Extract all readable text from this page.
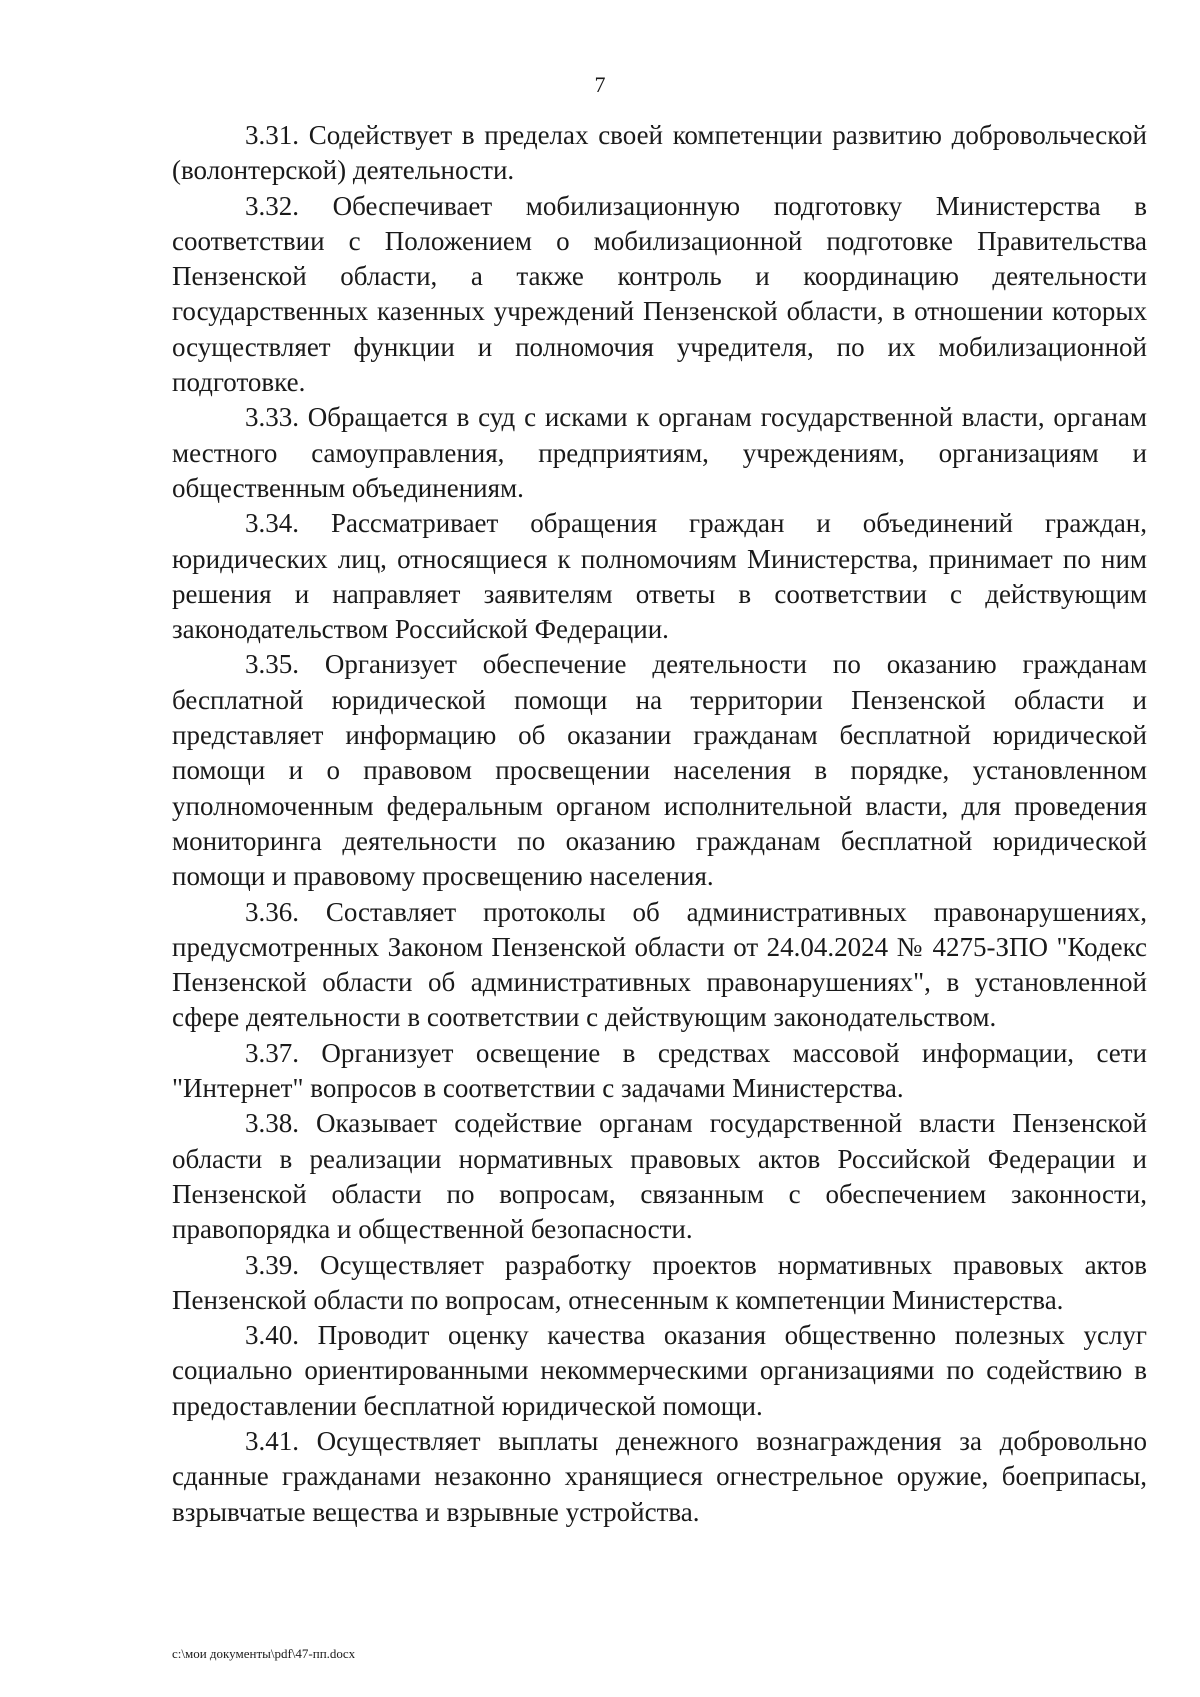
7

3.31. Содействует в пределах своей компетенции развитию добровольческой (волонтерской) деятельности.

3.32. Обеспечивает мобилизационную подготовку Министерства в соответствии с Положением о мобилизационной подготовке Правительства Пензенской области, а также контроль и координацию деятельности государственных казенных учреждений Пензенской области, в отношении которых осуществляет функции и полномочия учредителя, по их мобилизационной подготовке.

3.33. Обращается в суд с исками к органам государственной власти, органам местного самоуправления, предприятиям, учреждениям, организациям и общественным объединениям.

3.34. Рассматривает обращения граждан и объединений граждан, юридических лиц, относящиеся к полномочиям Министерства, принимает по ним решения и направляет заявителям ответы в соответствии с действующим законодательством Российской Федерации.

3.35. Организует обеспечение деятельности по оказанию гражданам бесплатной юридической помощи на территории Пензенской области и представляет информацию об оказании гражданам бесплатной юридической помощи и о правовом просвещении населения в порядке, установленном уполномоченным федеральным органом исполнительной власти, для проведения мониторинга деятельности по оказанию гражданам бесплатной юридической помощи и правовому просвещению населения.

3.36. Составляет протоколы об административных правонарушениях, предусмотренных Законом Пензенской области от 24.04.2024 № 4275-ЗПО "Кодекс Пензенской области об административных правонарушениях", в установленной сфере деятельности в соответствии с действующим законодательством.

3.37. Организует освещение в средствах массовой информации, сети "Интернет" вопросов в соответствии с задачами Министерства.

3.38. Оказывает содействие органам государственной власти Пензенской области в реализации нормативных правовых актов Российской Федерации и Пензенской области по вопросам, связанным с обеспечением законности, правопорядка и общественной безопасности.

3.39. Осуществляет разработку проектов нормативных правовых актов Пензенской области по вопросам, отнесенным к компетенции Министерства.

3.40. Проводит оценку качества оказания общественно полезных услуг социально ориентированными некоммерческими организациями по содействию в предоставлении бесплатной юридической помощи.

3.41. Осуществляет выплаты денежного вознаграждения за добровольно сданные гражданами незаконно хранящиеся огнестрельное оружие, боеприпасы, взрывчатые вещества и взрывные устройства.

c:\мои документы\pdf\47-пп.docx
